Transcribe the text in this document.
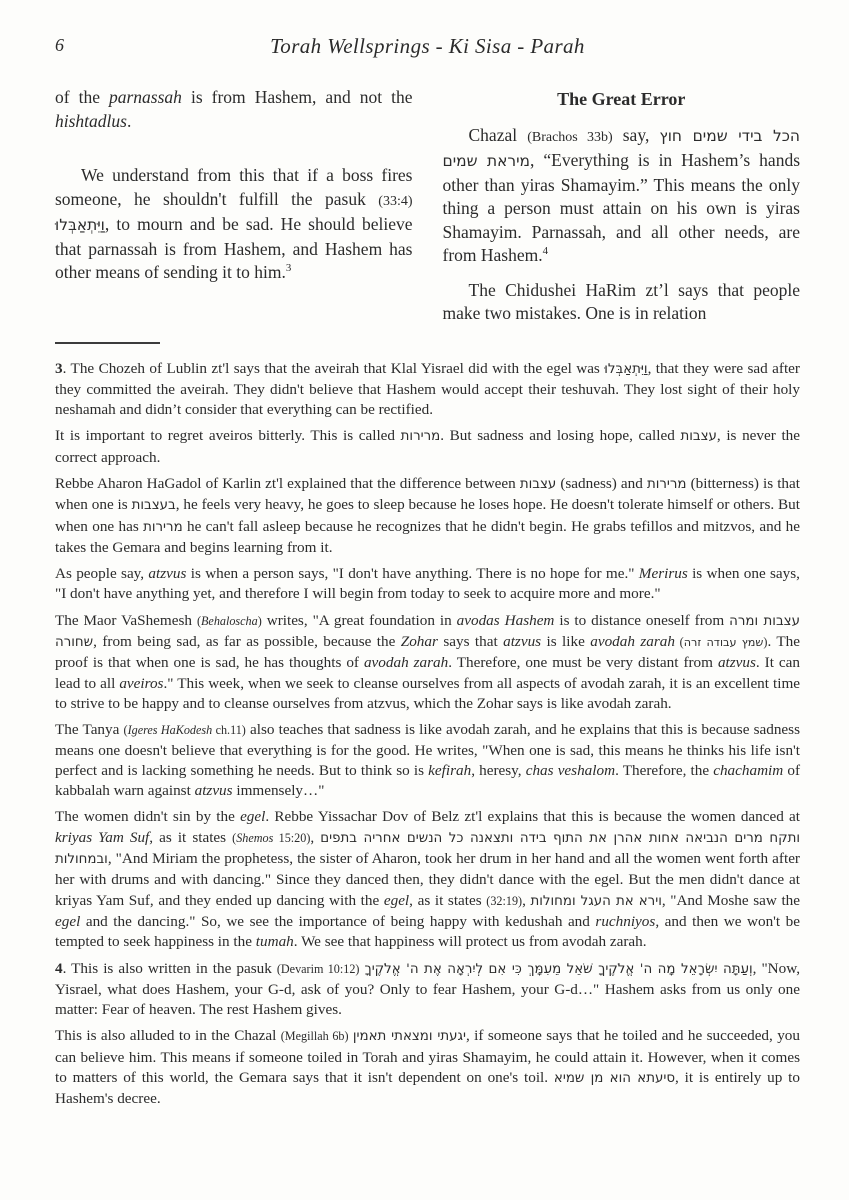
6	Torah Wellsprings - Ki Sisa - Parah

of the parnassah is from Hashem, and not the hishtadlus.

We understand from this that if a boss fires someone, he shouldn't fulfill the pasuk (33:4) וַיִּתְאַבְּלוּ, to mourn and be sad. He should believe that parnassah is from Hashem, and Hashem has other means of sending it to him.$^3$

The Great Error

Chazal (Brachos 33b) say, הכל בידי שמים חוץ מיראת שמים, “Everything is in Hashem’s hands other than yiras Shamayim.” This means the only thing a person must attain on his own is yiras Shamayim. Parnassah, and all other needs, are from Hashem.$^4$

The Chidushei HaRim zt’l says that people make two mistakes. One is in relation

3. The Chozeh of Lublin zt'l says that the aveirah that Klal Yisrael did with the egel was וַיִּתְאַבְּלוּ, that they were sad after they committed the aveirah. They didn't believe that Hashem would accept their teshuvah. They lost sight of their holy neshamah and didn’t consider that everything can be rectified.

It is important to regret aveiros bitterly. This is called מרירות. But sadness and losing hope, called עצבות, is never the correct approach.

Rebbe Aharon HaGadol of Karlin zt'l explained that the difference between עצבות (sadness) and מרירות (bitterness) is that when one is בעצבות, he feels very heavy, he goes to sleep because he loses hope. He doesn't tolerate himself or others. But when one has מרירות he can't fall asleep because he recognizes that he didn't begin. He grabs tefillos and mitzvos, and he takes the Gemara and begins learning from it.

As people say, atzvus is when a person says, "I don't have anything. There is no hope for me." Merirus is when one says, "I don't have anything yet, and therefore I will begin from today to seek to acquire more and more."

The Maor VaShemesh (Behaloscha) writes, "A great foundation in avodas Hashem is to distance oneself from עצבות ומרה שחורה, from being sad, as far as possible, because the Zohar says that atzvus is like avodah zarah (שמץ עבודה זרה). The proof is that when one is sad, he has thoughts of avodah zarah. Therefore, one must be very distant from atzvus. It can lead to all aveiros." This week, when we seek to cleanse ourselves from all aspects of avodah zarah, it is an excellent time to strive to be happy and to cleanse ourselves from atzvus, which the Zohar says is like avodah zarah.

The Tanya (Igeres HaKodesh ch.11) also teaches that sadness is like avodah zarah, and he explains that this is because sadness means one doesn't believe that everything is for the good. He writes, "When one is sad, this means he thinks his life isn't perfect and is lacking something he needs. But to think so is kefirah, heresy, chas veshalom. Therefore, the chachamim of kabbalah warn against atzvus immensely…"

The women didn't sin by the egel. Rebbe Yissachar Dov of Belz zt'l explains that this is because the women danced at kriyas Yam Suf, as it states (Shemos 15:20), ותקח מרים הנביאה אחות אהרן את התוף בידה ותצאנה כל הנשים אחריה בתפים ובמחולות, "And Miriam the prophetess, the sister of Aharon, took her drum in her hand and all the women went forth after her with drums and with dancing." Since they danced then, they didn't dance with the egel. But the men didn't dance at kriyas Yam Suf, and they ended up dancing with the egel, as it states (32:19), וירא את העגל ומחולות, "And Moshe saw the egel and the dancing." So, we see the importance of being happy with kedushah and ruchniyos, and then we won't be tempted to seek happiness in the tumah. We see that happiness will protect us from avodah zarah.

4. This is also written in the pasuk (Devarim 10:12) וְעַתָּה יִשְׂרָאֵל מָה ה' אֱלֹקֶיךָ שֹׁאֵל מֵעִמָּךְ כִּי אִם לְיִרְאָה אֶת ה' אֱלֹקֶיךָ, "Now, Yisrael, what does Hashem, your G-d, ask of you? Only to fear Hashem, your G-d…" Hashem asks from us only one matter: Fear of heaven. The rest Hashem gives.

This is also alluded to in the Chazal (Megillah 6b) יגעתי ומצאתי תאמין, if someone says that he toiled and he succeeded, you can believe him. This means if someone toiled in Torah and yiras Shamayim, he could attain it. However, when it comes to matters of this world, the Gemara says that it isn't dependent on one's toil. סיעתא הוא מן שמיא, it is entirely up to Hashem's decree.
